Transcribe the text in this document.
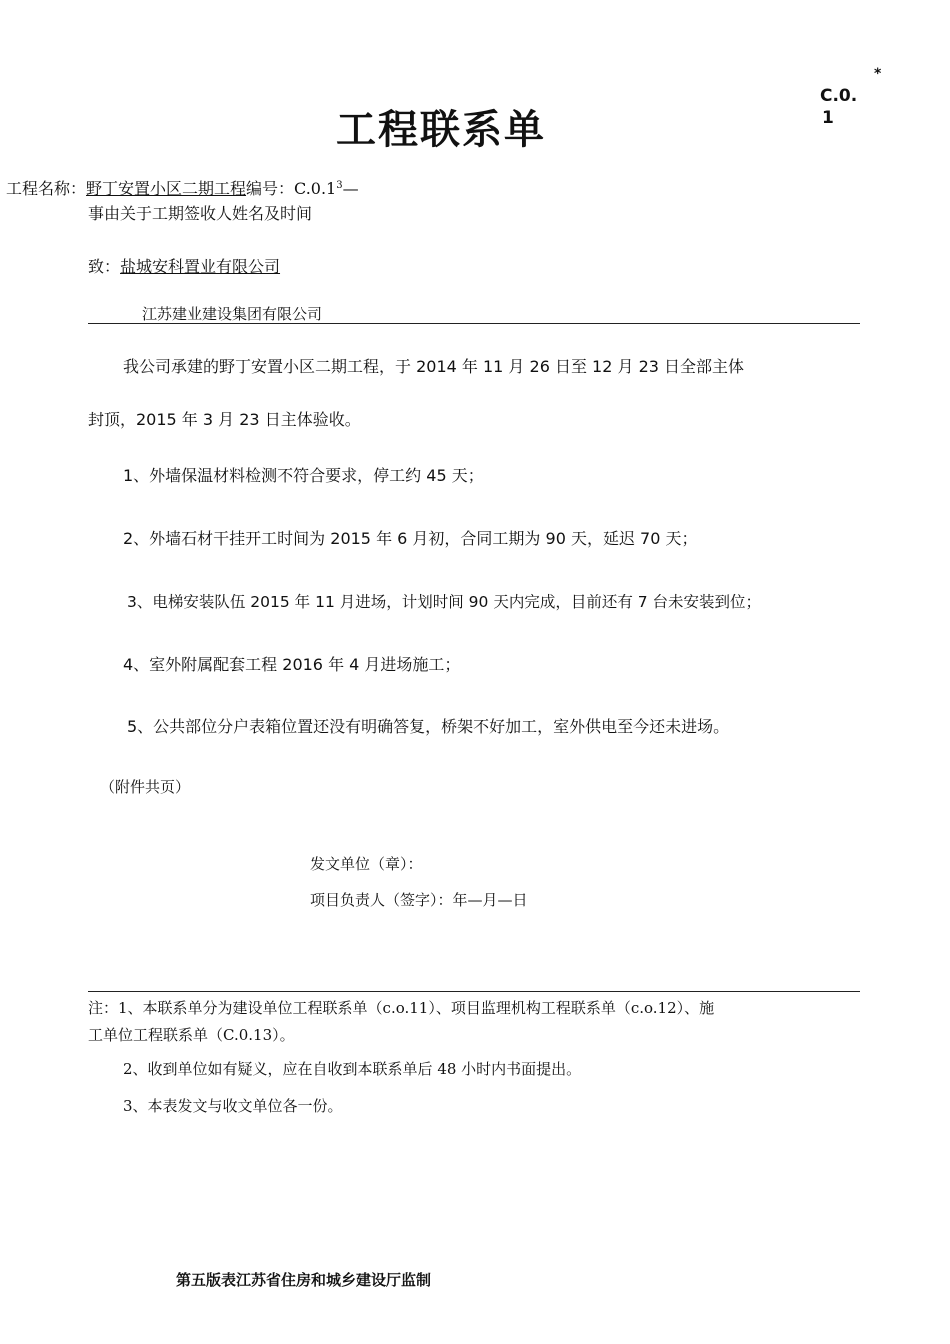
工程联系单
*
C.0.
1
工程名称：野丁安置小区二期工程编号：C.0.1$^3$—
事由关于工期签收人姓名及时间
致：盐城安科置业有限公司
江苏建业建设集团有限公司
我公司承建的野丁安置小区二期工程，于 2014 年 11 月 26 日至 12 月 23 日全部主体
封顶，2015 年 3 月 23 日主体验收。
1、外墙保温材料检测不符合要求，停工约 45 天；
2、外墙石材干挂开工时间为 2015 年 6 月初，合同工期为 90 天，延迟 70 天；
3、电梯安装队伍 2015 年 11 月进场，计划时间 90 天内完成，目前还有 7 台未安装到位；
4、室外附属配套工程 2016 年 4 月进场施工；
5、公共部位分户表箱位置还没有明确答复，桥架不好加工，室外供电至今还未进场。
（附件共页）
发文单位（章）：
项目负责人（签字）：年—月—日
注：1、本联系单分为建设单位工程联系单（c.o.11）、项目监理机构工程联系单（c.o.12）、施
工单位工程联系单（C.0.13）。
2、收到单位如有疑义，应在自收到本联系单后 48 小时内书面提出。
3、本表发文与收文单位各一份。
第五版表江苏省住房和城乡建设厅监制
